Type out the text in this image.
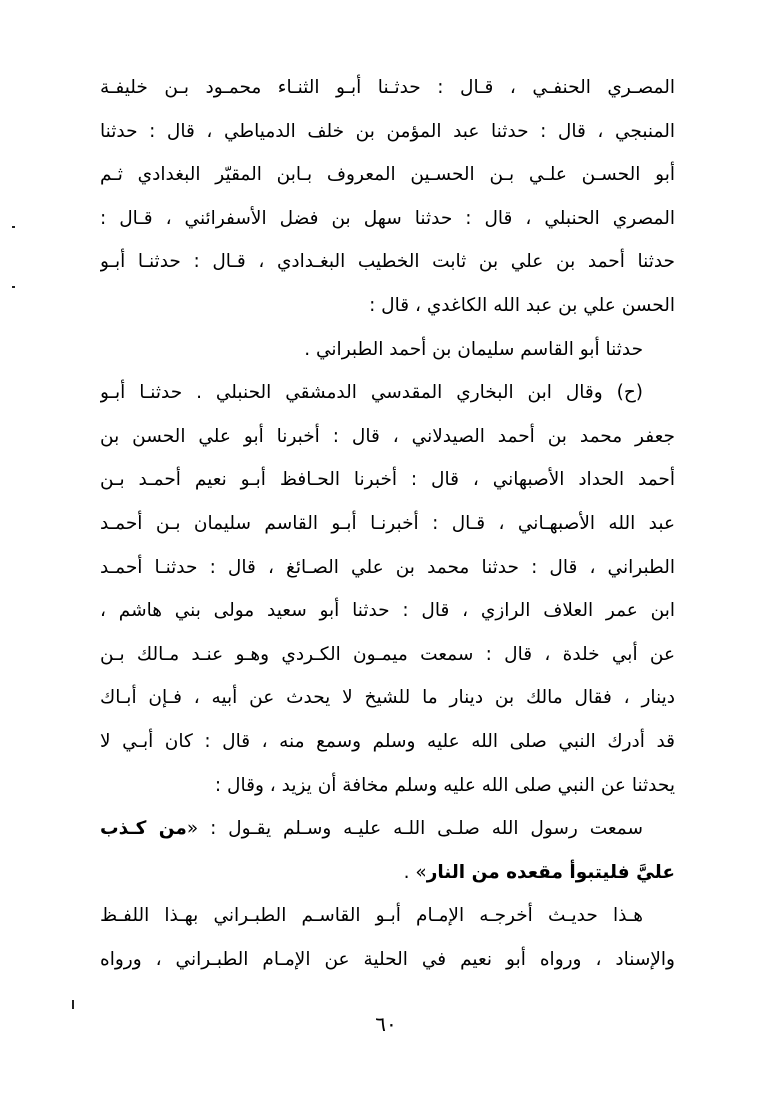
المصـري الحنفـي ، قـال : حدثـنا أبـو الثنـاء محمـود بـن خليفـة
المنبجي ، قال : حدثنا عبد المؤمن بن خلف الدمياطي ، قال : حدثنا
أبو الحسـن علـي بـن الحسـين المعروف بـابن المقيّر البغدادي ثـم
المصري الحنبلي ، قال : حدثنا سهل بن فضل الأسفرائني ، قـال :
حدثنا أحمد بن علي بن ثابت الخطيب البغـدادي ، قـال : حدثنـا أبـو
الحسن علي بن عبد الله الكاغدي ، قال :
حدثنا أبو القاسم سليمان بن أحمد الطبراني .
(ح) وقال ابن البخاري المقدسي الدمشقي الحنبلي . حدثنـا أبـو
جعفر محمد بن أحمد الصيدلاني ، قال : أخبرنا أبو علي الحسن بن
أحمد الحداد الأصبهاني ، قال : أخبرنا الحـافظ أبـو نعيم أحمـد بـن
عبد الله الأصبهـاني ، قـال : أخبرنـا أبـو القاسم سليمان بـن أحمـد
الطبراني ، قال : حدثنا محمد بن علي الصـائغ ، قال : حدثنـا أحمـد
ابن عمر العلاف الرازي ، قال : حدثنا أبو سعيد مولى بني هاشم ،
عن أبي خلدة ، قال : سمعت ميمـون الكـردي وهـو عنـد مـالك بـن
دينار ، فقال مالك بن دينار ما للشيخ لا يحدث عن أبيه ، فـإن أبـاك
قد أدرك النبي صلى الله عليه وسلم وسمع منه ، قال : كان أبـي لا
يحدثنا عن النبي صلى الله عليه وسلم مخافة أن يزيد ، وقال :
سمعت رسول الله صلـى اللـه عليـه وسـلم يقـول : «من كـذب
عليَّ فليتبوأ مقعده من النار» .
هـذا حديـث أخرجـه الإمـام أبـو القاسـم الطبـراني بهـذا اللفـظ
والإسناد ، ورواه أبو نعيم في الحلية عن الإمـام الطبـراني ، ورواه
٦٠
